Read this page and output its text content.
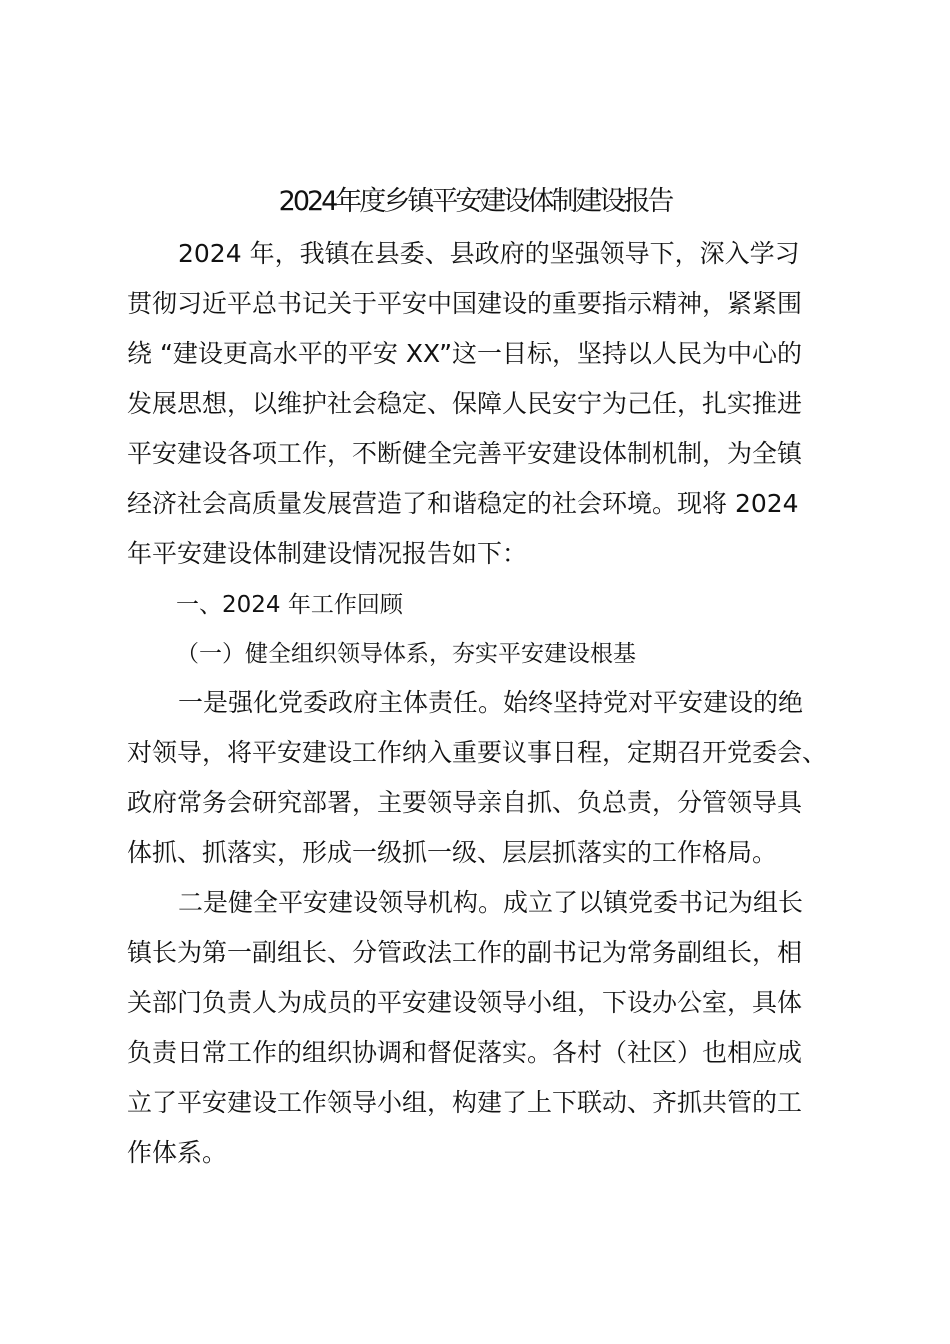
2024年度乡镇平安建设体制建设报告
2024 年，我镇在县委、县政府的坚强领导下，深入学习
贯彻习近平总书记关于平安中国建设的重要指示精神，紧紧围
绕 “建设更高水平的平安 XX”这一目标，坚持以人民为中心的
发展思想，以维护社会稳定、保障人民安宁为己任，扎实推进
平安建设各项工作，不断健全完善平安建设体制机制，为全镇
经济社会高质量发展营造了和谐稳定的社会环境。现将 2024
年平安建设体制建设情况报告如下：
一、2024 年工作回顾
（一）健全组织领导体系，夯实平安建设根基
一是强化党委政府主体责任。始终坚持党对平安建设的绝
对领导，将平安建设工作纳入重要议事日程，定期召开党委会、
政府常务会研究部署，主要领导亲自抓、负总责，分管领导具
体抓、抓落实，形成一级抓一级、层层抓落实的工作格局。
二是健全平安建设领导机构。成立了以镇党委书记为组长
镇长为第一副组长、分管政法工作的副书记为常务副组长，相
关部门负责人为成员的平安建设领导小组，下设办公室，具体
负责日常工作的组织协调和督促落实。各村（社区）也相应成
立了平安建设工作领导小组，构建了上下联动、齐抓共管的工
作体系。
